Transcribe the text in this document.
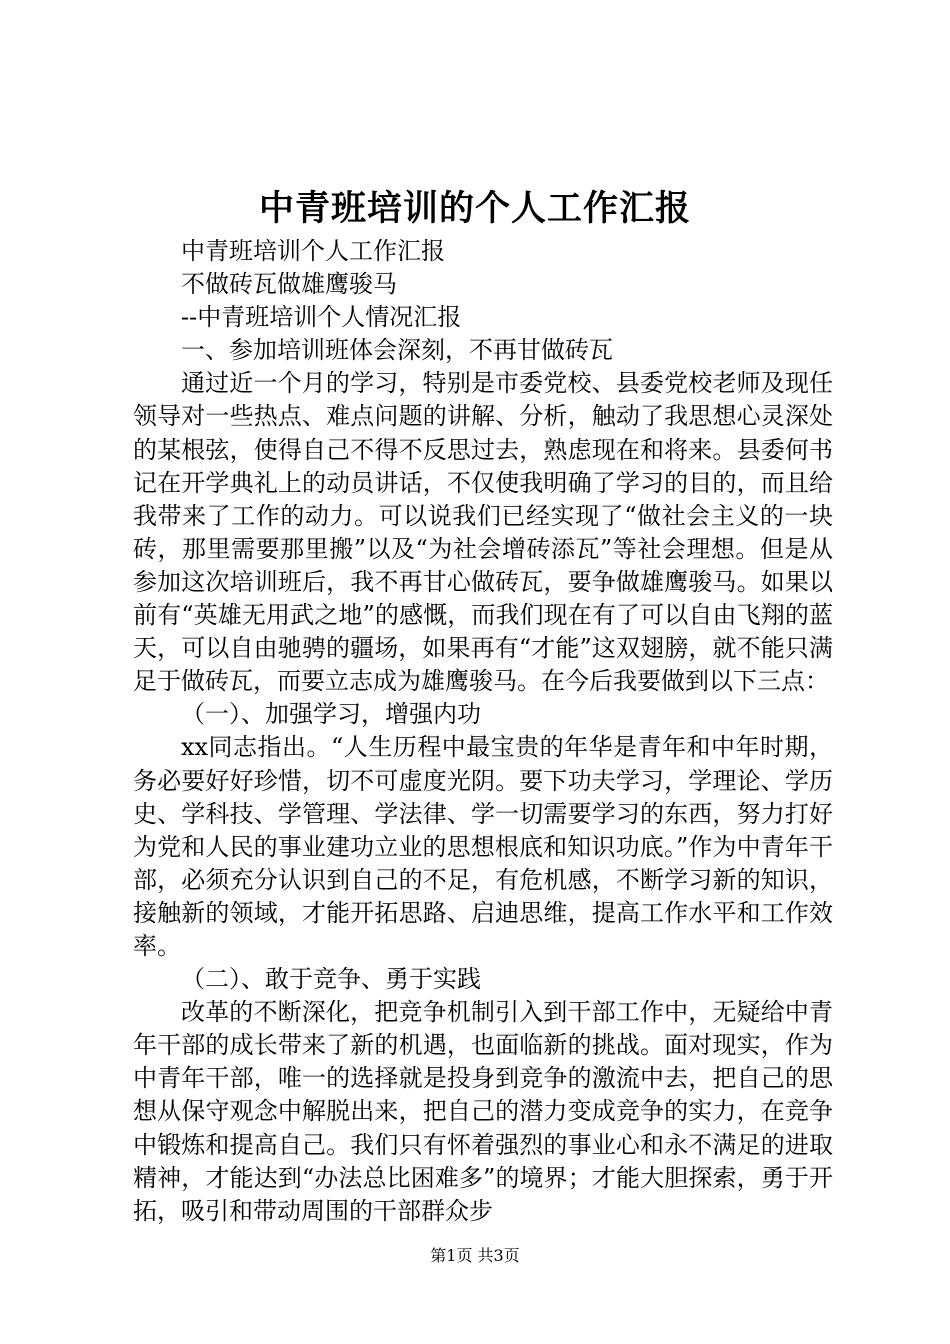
中青班培训的个人工作汇报

中青班培训个人工作汇报

不做砖瓦做雄鹰骏马

--中青班培训个人情况汇报

一、参加培训班体会深刻，不再甘做砖瓦

通过近一个月的学习，特别是市委党校、县委党校老师及现任领导对一些热点、难点问题的讲解、分析，触动了我思想心灵深处的某根弦，使得自己不得不反思过去，熟虑现在和将来。县委何书记在开学典礼上的动员讲话，不仅使我明确了学习的目的，而且给我带来了工作的动力。可以说我们已经实现了“做社会主义的一块砖，那里需要那里搬”以及“为社会增砖添瓦”等社会理想。但是从参加这次培训班后，我不再甘心做砖瓦，要争做雄鹰骏马。如果以前有“英雄无用武之地”的感慨，而我们现在有了可以自由飞翔的蓝天，可以自由驰骋的疆场，如果再有“才能”这双翅膀，就不能只满足于做砖瓦，而要立志成为雄鹰骏马。在今后我要做到以下三点：

（一）、加强学习，增强内功

xx同志指出。“人生历程中最宝贵的年华是青年和中年时期，务必要好好珍惜，切不可虚度光阴。要下功夫学习，学理论、学历史、学科技、学管理、学法律、学一切需要学习的东西，努力打好为党和人民的事业建功立业的思想根底和知识功底。”作为中青年干部，必须充分认识到自己的不足，有危机感，不断学习新的知识，接触新的领域，才能开拓思路、启迪思维，提高工作水平和工作效率。

（二）、敢于竞争、勇于实践

改革的不断深化，把竞争机制引入到干部工作中，无疑给中青年干部的成长带来了新的机遇，也面临新的挑战。面对现实，作为中青年干部，唯一的选择就是投身到竞争的激流中去，把自己的思想从保守观念中解脱出来，把自己的潜力变成竞争的实力，在竞争中锻炼和提高自己。我们只有怀着强烈的事业心和永不满足的进取精神，才能达到“办法总比困难多”的境界；才能大胆探索，勇于开拓，吸引和带动周围的干部群众步

第1页 共3页
